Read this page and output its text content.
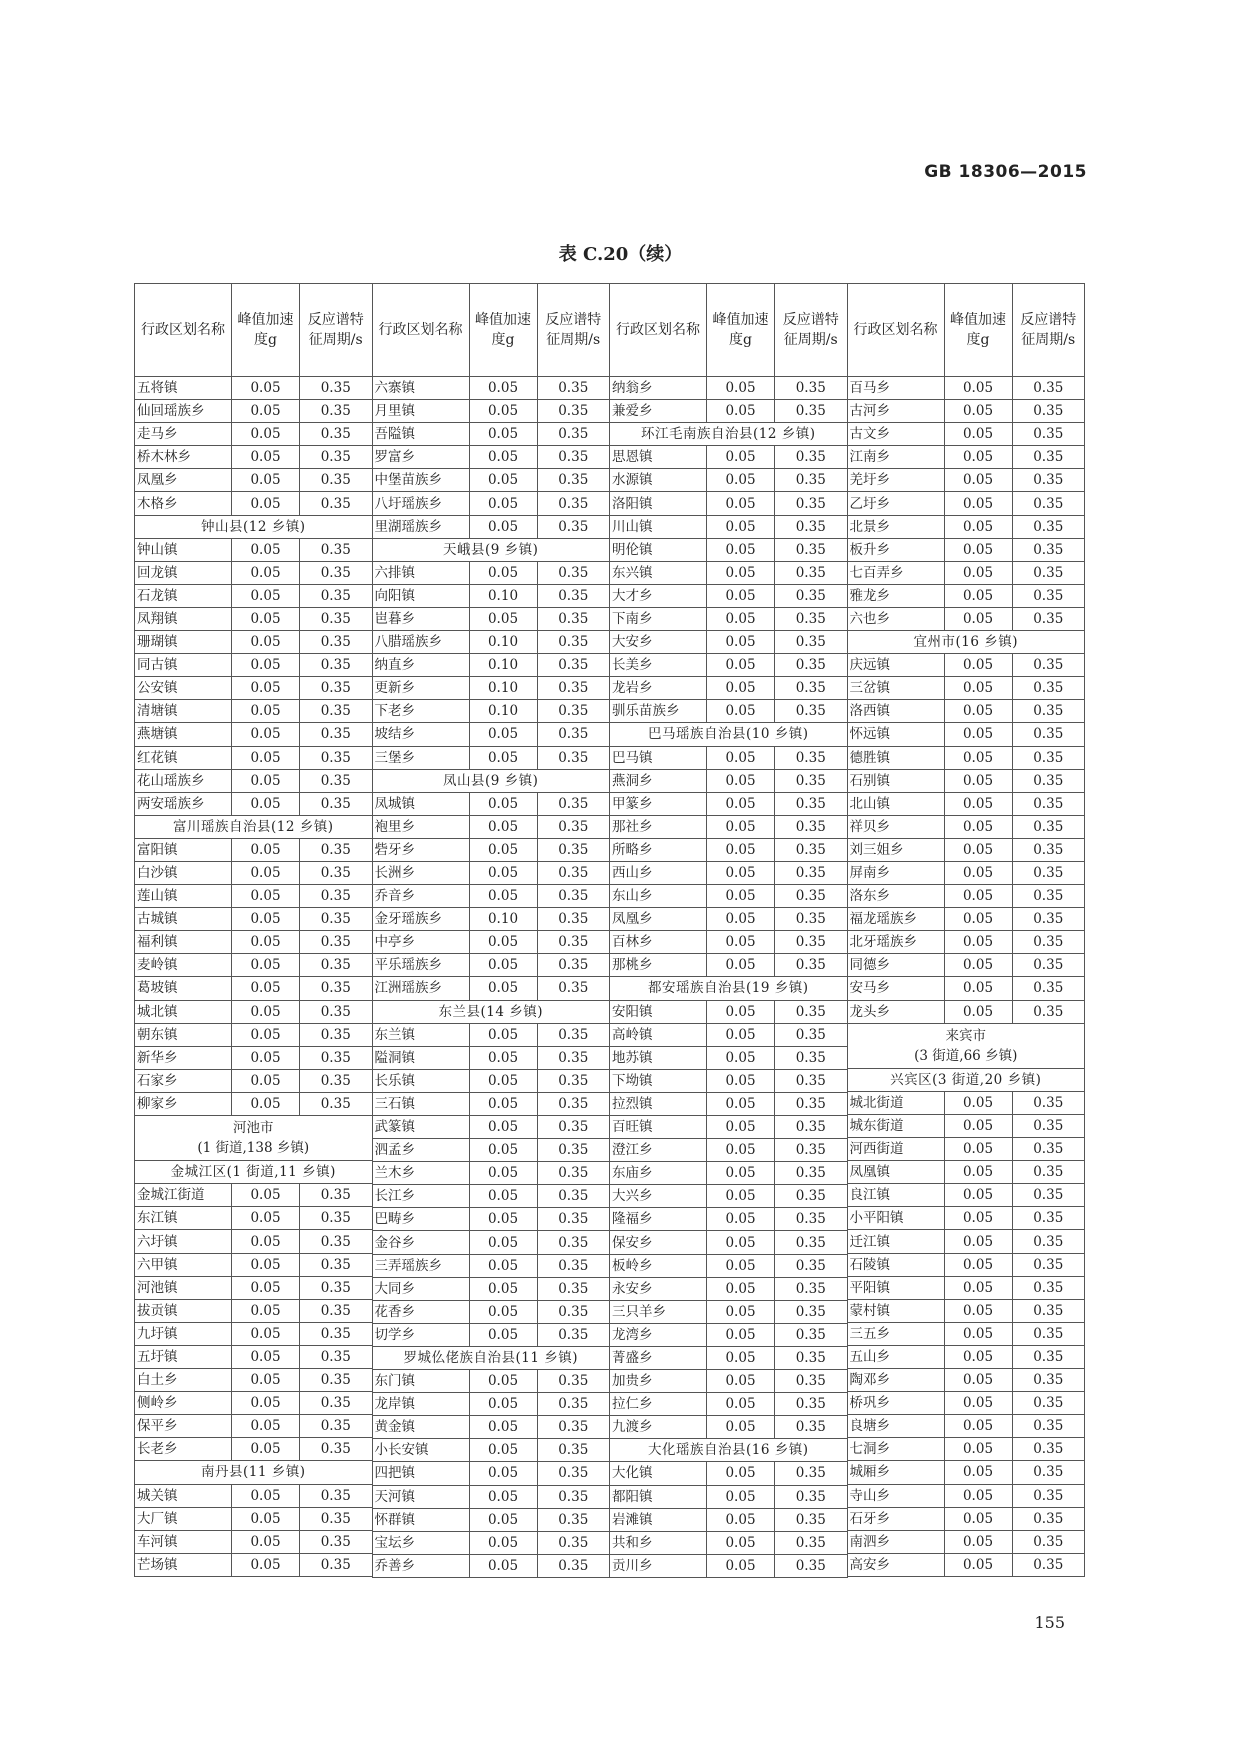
GB 18306—2015
表 C.20（续）
行政区划名称	峰值加速度g	反应谱特征周期/s
五将镇	0.05	0.35
仙回瑶族乡	0.05	0.35
走马乡	0.05	0.35
桥木林乡	0.05	0.35
凤凰乡	0.05	0.35
木格乡	0.05	0.35
钟山县(12 乡镇)		
钟山镇	0.05	0.35
回龙镇	0.05	0.35
石龙镇	0.05	0.35
凤翔镇	0.05	0.35
珊瑚镇	0.05	0.35
同古镇	0.05	0.35
公安镇	0.05	0.35
清塘镇	0.05	0.35
燕塘镇	0.05	0.35
红花镇	0.05	0.35
花山瑶族乡	0.05	0.35
两安瑶族乡	0.05	0.35
富川瑶族自治县(12 乡镇)		
富阳镇	0.05	0.35
白沙镇	0.05	0.35
莲山镇	0.05	0.35
古城镇	0.05	0.35
福利镇	0.05	0.35
麦岭镇	0.05	0.35
葛坡镇	0.05	0.35
城北镇	0.05	0.35
朝东镇	0.05	0.35
新华乡	0.05	0.35
石家乡	0.05	0.35
柳家乡	0.05	0.35

河池市
(1 街道,138 乡镇)		

金城江区(1 街道,11 乡镇)		
金城江街道	0.05	0.35
东江镇	0.05	0.35
六圩镇	0.05	0.35
六甲镇	0.05	0.35
河池镇	0.05	0.35
拔贡镇	0.05	0.35
九圩镇	0.05	0.35
五圩镇	0.05	0.35
白土乡	0.05	0.35
侧岭乡	0.05	0.35
保平乡	0.05	0.35
长老乡	0.05	0.35
南丹县(11 乡镇)		
城关镇	0.05	0.35
大厂镇	0.05	0.35
车河镇	0.05	0.35
芒场镇	0.05	0.35
行政区划名称	峰值加速度g	反应谱特征周期/s
六寨镇	0.05	0.35
月里镇	0.05	0.35
吾隘镇	0.05	0.35
罗富乡	0.05	0.35
中堡苗族乡	0.05	0.35
八圩瑶族乡	0.05	0.35
里湖瑶族乡	0.05	0.35
天峨县(9 乡镇)		
六排镇	0.05	0.35
向阳镇	0.10	0.35
岜暮乡	0.05	0.35
八腊瑶族乡	0.10	0.35
纳直乡	0.10	0.35
更新乡	0.10	0.35
下老乡	0.10	0.35
坡结乡	0.05	0.35
三堡乡	0.05	0.35
凤山县(9 乡镇)		
凤城镇	0.05	0.35
袍里乡	0.05	0.35
砦牙乡	0.05	0.35
长洲乡	0.05	0.35
乔音乡	0.05	0.35
金牙瑶族乡	0.10	0.35
中亭乡	0.05	0.35
平乐瑶族乡	0.05	0.35
江洲瑶族乡	0.05	0.35
东兰县(14 乡镇)		
东兰镇	0.05	0.35
隘洞镇	0.05	0.35
长乐镇	0.05	0.35
三石镇	0.05	0.35
武篆镇	0.05	0.35
泗孟乡	0.05	0.35
兰木乡	0.05	0.35
长江乡	0.05	0.35
巴畴乡	0.05	0.35
金谷乡	0.05	0.35
三弄瑶族乡	0.05	0.35
大同乡	0.05	0.35
花香乡	0.05	0.35
切学乡	0.05	0.35
罗城仫佬族自治县(11 乡镇)		
东门镇	0.05	0.35
龙岸镇	0.05	0.35
黄金镇	0.05	0.35
小长安镇	0.05	0.35
四把镇	0.05	0.35
天河镇	0.05	0.35
怀群镇	0.05	0.35
宝坛乡	0.05	0.35
乔善乡	0.05	0.35
行政区划名称	峰值加速度g	反应谱特征周期/s
纳翁乡	0.05	0.35
兼爱乡	0.05	0.35
环江毛南族自治县(12 乡镇)		
思恩镇	0.05	0.35
水源镇	0.05	0.35
洛阳镇	0.05	0.35
川山镇	0.05	0.35
明伦镇	0.05	0.35
东兴镇	0.05	0.35
大才乡	0.05	0.35
下南乡	0.05	0.35
大安乡	0.05	0.35
长美乡	0.05	0.35
龙岩乡	0.05	0.35
驯乐苗族乡	0.05	0.35
巴马瑶族自治县(10 乡镇)		
巴马镇	0.05	0.35
燕洞乡	0.05	0.35
甲篆乡	0.05	0.35
那社乡	0.05	0.35
所略乡	0.05	0.35
西山乡	0.05	0.35
东山乡	0.05	0.35
凤凰乡	0.05	0.35
百林乡	0.05	0.35
那桃乡	0.05	0.35
都安瑶族自治县(19 乡镇)		
安阳镇	0.05	0.35
高岭镇	0.05	0.35
地苏镇	0.05	0.35
下坳镇	0.05	0.35
拉烈镇	0.05	0.35
百旺镇	0.05	0.35
澄江乡	0.05	0.35
东庙乡	0.05	0.35
大兴乡	0.05	0.35
隆福乡	0.05	0.35
保安乡	0.05	0.35
板岭乡	0.05	0.35
永安乡	0.05	0.35
三只羊乡	0.05	0.35
龙湾乡	0.05	0.35
菁盛乡	0.05	0.35
加贵乡	0.05	0.35
拉仁乡	0.05	0.35
九渡乡	0.05	0.35
大化瑶族自治县(16 乡镇)		
大化镇	0.05	0.35
都阳镇	0.05	0.35
岩滩镇	0.05	0.35
共和乡	0.05	0.35
贡川乡	0.05	0.35
行政区划名称	峰值加速度g	反应谱特征周期/s
百马乡	0.05	0.35
古河乡	0.05	0.35
古文乡	0.05	0.35
江南乡	0.05	0.35
羌圩乡	0.05	0.35
乙圩乡	0.05	0.35
北景乡	0.05	0.35
板升乡	0.05	0.35
七百弄乡	0.05	0.35
雅龙乡	0.05	0.35
六也乡	0.05	0.35
宜州市(16 乡镇)		
庆远镇	0.05	0.35
三岔镇	0.05	0.35
洛西镇	0.05	0.35
怀远镇	0.05	0.35
德胜镇	0.05	0.35
石别镇	0.05	0.35
北山镇	0.05	0.35
祥贝乡	0.05	0.35
刘三姐乡	0.05	0.35
屏南乡	0.05	0.35
洛东乡	0.05	0.35
福龙瑶族乡	0.05	0.35
北牙瑶族乡	0.05	0.35
同德乡	0.05	0.35
安马乡	0.05	0.35
龙头乡	0.05	0.35

来宾市
(3 街道,66 乡镇)		

兴宾区(3 街道,20 乡镇)		
城北街道	0.05	0.35
城东街道	0.05	0.35
河西街道	0.05	0.35
凤凰镇	0.05	0.35
良江镇	0.05	0.35
小平阳镇	0.05	0.35
迁江镇	0.05	0.35
石陵镇	0.05	0.35
平阳镇	0.05	0.35
蒙村镇	0.05	0.35
三五乡	0.05	0.35
五山乡	0.05	0.35
陶邓乡	0.05	0.35
桥巩乡	0.05	0.35
良塘乡	0.05	0.35
七洞乡	0.05	0.35
城厢乡	0.05	0.35
寺山乡	0.05	0.35
石牙乡	0.05	0.35
南泗乡	0.05	0.35
高安乡	0.05	0.35
155
